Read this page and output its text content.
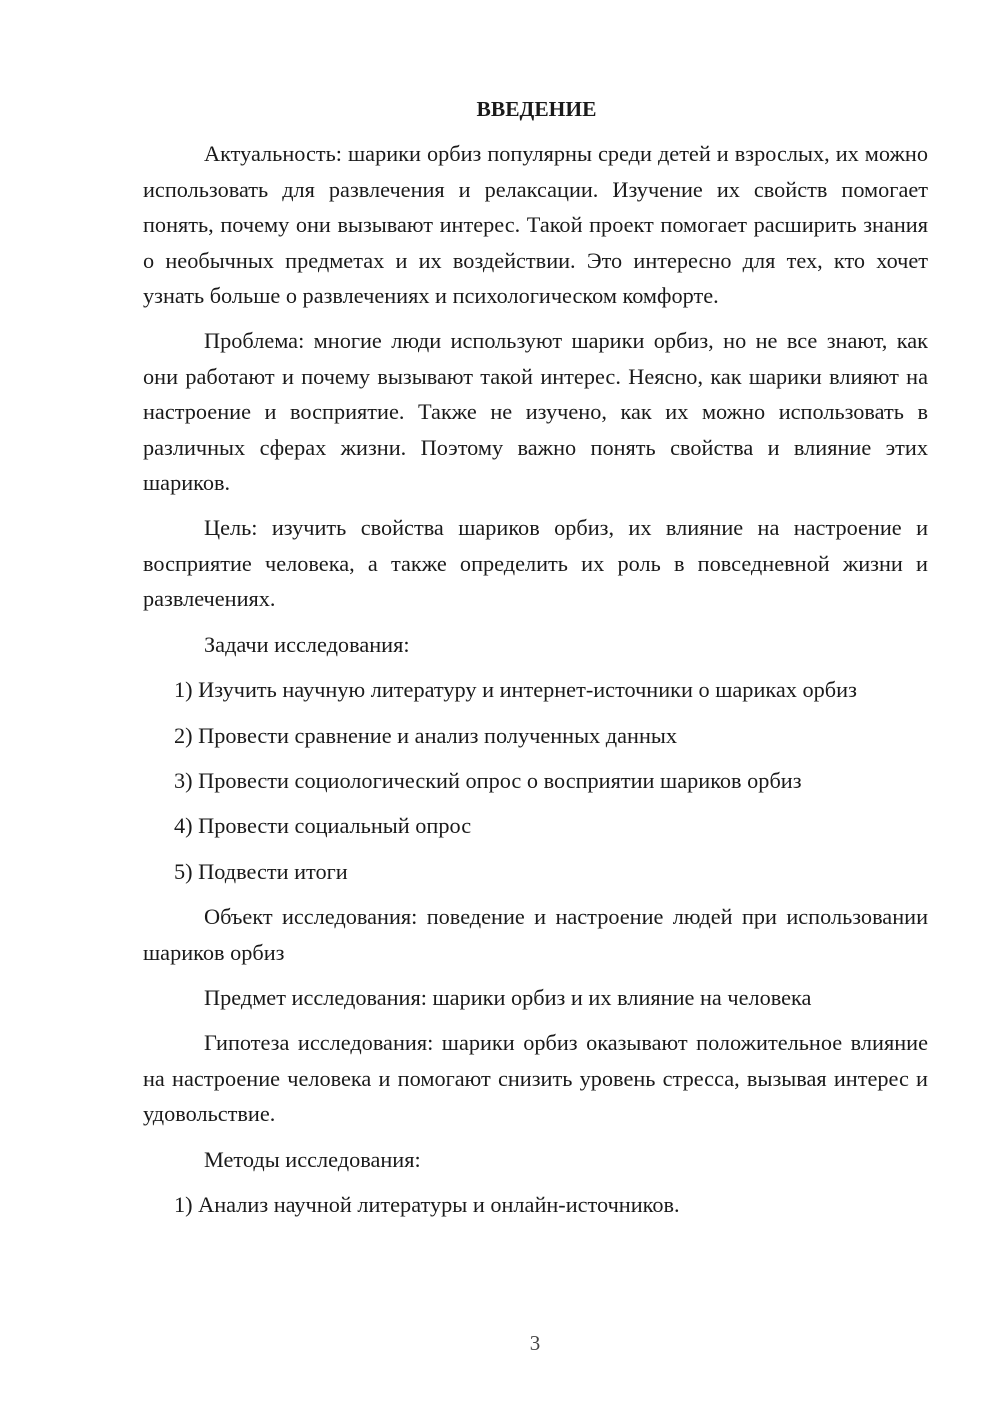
ВВЕДЕНИЕ

Актуальность: шарики орбиз популярны среди детей и взрослых, их можно использовать для развлечения и релаксации. Изучение их свойств помогает понять, почему они вызывают интерес. Такой проект помогает расширить знания о необычных предметах и их воздействии. Это интересно для тех, кто хочет узнать больше о развлечениях и психологическом комфорте.

Проблема: многие люди используют шарики орбиз, но не все знают, как они работают и почему вызывают такой интерес. Неясно, как шарики влияют на настроение и восприятие. Также не изучено, как их можно использовать в различных сферах жизни. Поэтому важно понять свойства и влияние этих шариков.

Цель: изучить свойства шариков орбиз, их влияние на настроение и восприятие человека, а также определить их роль в повседневной жизни и развлечениях.

Задачи исследования:

1) Изучить научную литературу и интернет-источники о шариках орбиз

2) Провести сравнение и анализ полученных данных

3) Провести социологический опрос о восприятии шариков орбиз

4) Провести социальный опрос

5) Подвести итоги

Объект исследования: поведение и настроение людей при использовании шариков орбиз

Предмет исследования: шарики орбиз и их влияние на человека

Гипотеза исследования: шарики орбиз оказывают положительное влияние на настроение человека и помогают снизить уровень стресса, вызывая интерес и удовольствие.

Методы исследования:

1) Анализ научной литературы и онлайн-источников.

3
